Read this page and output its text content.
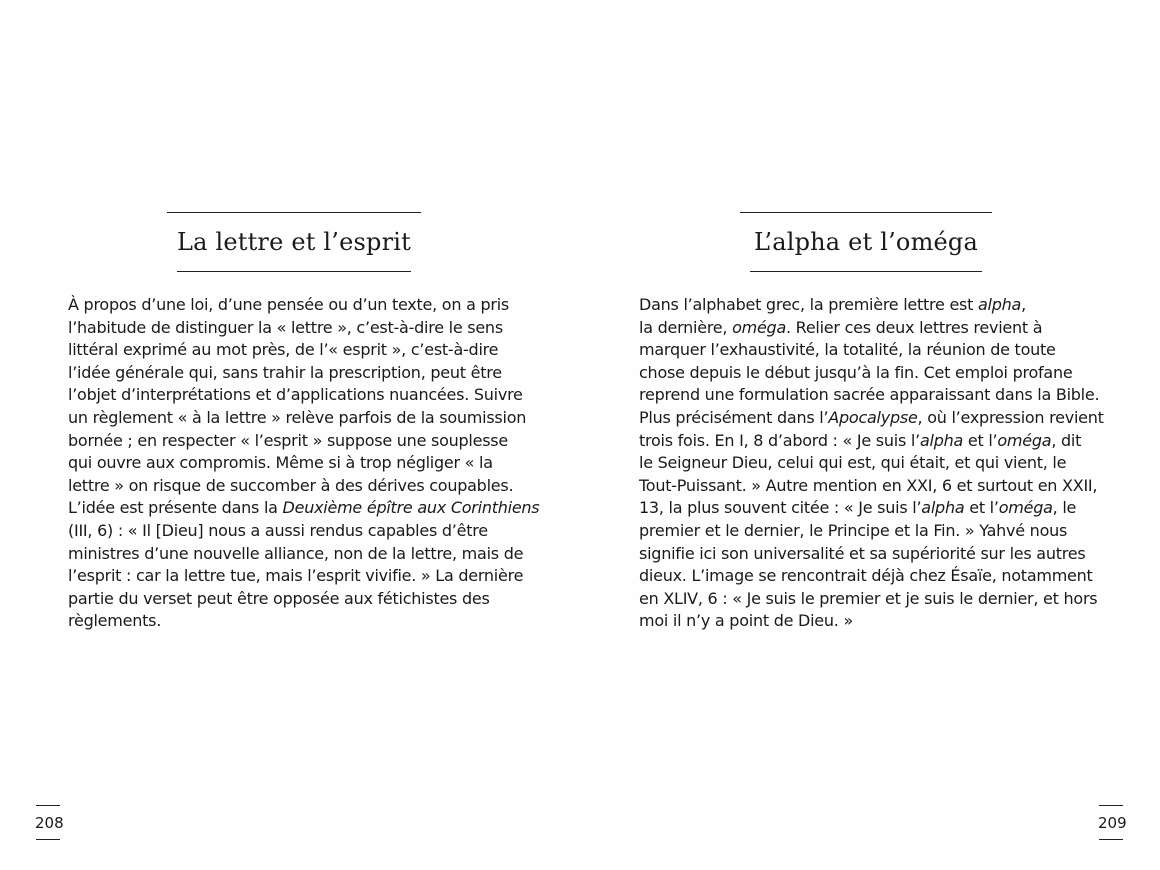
La lettre et l’esprit
À propos d’une loi, d’une pensée ou d’un texte, on a pris
l’habitude de distinguer la « lettre », c’est-à-dire le sens
littéral exprimé au mot près, de l’« esprit », c’est-à-dire
l’idée générale qui, sans trahir la prescription, peut être
l’objet d’interprétations et d’applications nuancées. Suivre
un règlement « à la lettre » relève parfois de la soumission
bornée ; en respecter « l’esprit » suppose une souplesse
qui ouvre aux compromis. Même si à trop négliger « la
lettre » on risque de succomber à des dérives coupables.
L’idée est présente dans la Deuxième épître aux Corinthiens
(III, 6) : « Il [Dieu] nous a aussi rendus capables d’être
ministres d’une nouvelle alliance, non de la lettre, mais de
l’esprit : car la lettre tue, mais l’esprit vivifie. » La dernière
partie du verset peut être opposée aux fétichistes des
règlements.
208
L’alpha et l’oméga
Dans l’alphabet grec, la première lettre est alpha,
la dernière, oméga. Relier ces deux lettres revient à
marquer l’exhaustivité, la totalité, la réunion de toute
chose depuis le début jusqu’à la fin. Cet emploi profane
reprend une formulation sacrée apparaissant dans la Bible.
Plus précisément dans l’Apocalypse, où l’expression revient
trois fois. En I, 8 d’abord : « Je suis l’alpha et l’oméga, dit
le Seigneur Dieu, celui qui est, qui était, et qui vient, le
Tout-Puissant. » Autre mention en XXI, 6 et surtout en XXII,
13, la plus souvent citée : « Je suis l’alpha et l’oméga, le
premier et le dernier, le Principe et la Fin. » Yahvé nous
signifie ici son universalité et sa supériorité sur les autres
dieux. L’image se rencontrait déjà chez Ésaïe, notamment
en XLIV, 6 : « Je suis le premier et je suis le dernier, et hors
moi il n’y a point de Dieu. »
209
